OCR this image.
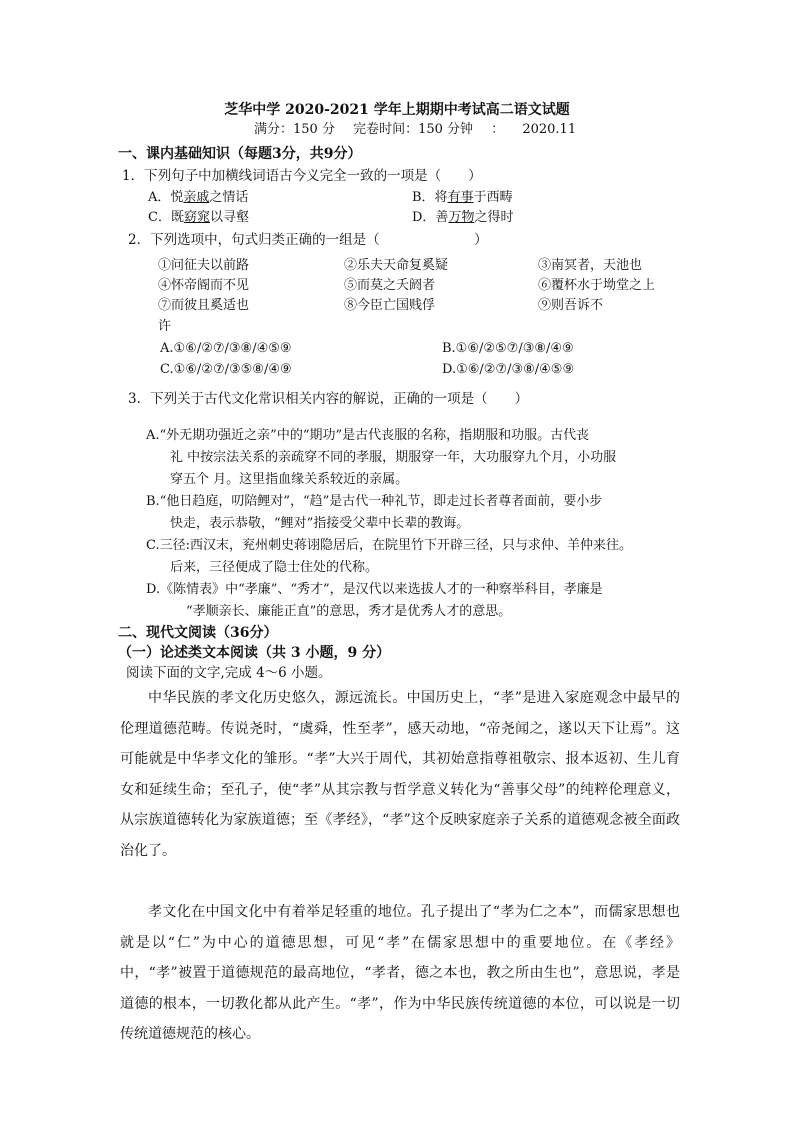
芝华中学 2020-2021 学年上期期中考试高二语文试题
满分：150 分 完卷时间：150 分钟 ： 2020.11
一、课内基础知识（每题3分，共9分）
1．下列句子中加横线词语古今义完全一致的一项是（　　）
A．悦亲戚之情话	B．将有事于西畴
C．既窈窕以寻壑	D．善万物之得时
2．下列选项中，句式归类正确的一组是（　　　　　　　）
①问征夫以前路	②乐夫天命复奚疑	③南冥者，天池也
④怀帝阍而不见	⑤而莫之夭阏者	⑥覆杯水于坳堂之上
⑦而彼且奚适也	⑧今臣亡国贱俘	⑨则吾诉不
许
A.①⑥/②⑦/③⑧/④⑤⑨	B.①⑥/②⑤⑦/③⑧/④⑨
C.①⑥/②⑦/③⑤⑧/④⑨	D.①⑥/②⑦/③⑧/④⑤⑨
3．下列关于古代文化常识相关内容的解说，正确的一项是（　　）
A.“外无期功强近之亲”中的“期功”是古代丧服的名称，指期服和功服。古代丧
礼 中按宗法关系的亲疏穿不同的孝服，期服穿一年，大功服穿九个月，小功服
穿五个 月。这里指血缘关系较近的亲属。
B.“他日趋庭，叨陪鲤对”，“趋”是古代一种礼节，即走过长者尊者面前，要小步
快走，表示恭敬，“鲤对”指接受父辈中长辈的教诲。
C.三径:西汉末，兖州刺史蒋诩隐居后，在院里竹下开辟三径，只与求仲、羊仲来往。
后来，三径便成了隐士住处的代称。
D.《陈情表》中“孝廉”、“秀才”，是汉代以来选拔人才的一种察举科目，孝廉是
“孝顺亲长、廉能正直”的意思，秀才是优秀人才的意思。
二、现代文阅读（36分）
（一）论述类文本阅读（共 3 小题，9 分）
阅读下面的文字,完成 4～6 小题。
中华民族的孝文化历史悠久，源远流长。中国历史上，“孝”是进入家庭观念中最早的伦理道德范畴。传说尧时，“虞舜，性至孝”，感天动地，“帝尧闻之，遂以天下让焉”。这可能就是中华孝文化的雏形。“孝”大兴于周代，其初始意指尊祖敬宗、报本返初、生儿育女和延续生命；至孔子，使“孝”从其宗教与哲学意义转化为“善事父母”的纯粹伦理意义，从宗族道德转化为家族道德；至《孝经》，“孝”这个反映家庭亲子关系的道德观念被全面政治化了。
孝文化在中国文化中有着举足轻重的地位。孔子提出了“孝为仁之本”，而儒家思想也就是以“仁”为中心的道德思想，可见“孝”在儒家思想中的重要地位。在《孝经》中，“孝”被置于道德规范的最高地位，“孝者，德之本也，教之所由生也”，意思说，孝是道德的根本，一切教化都从此产生。“孝”，作为中华民族传统道德的本位，可以说是一切传统道德规范的核心。
